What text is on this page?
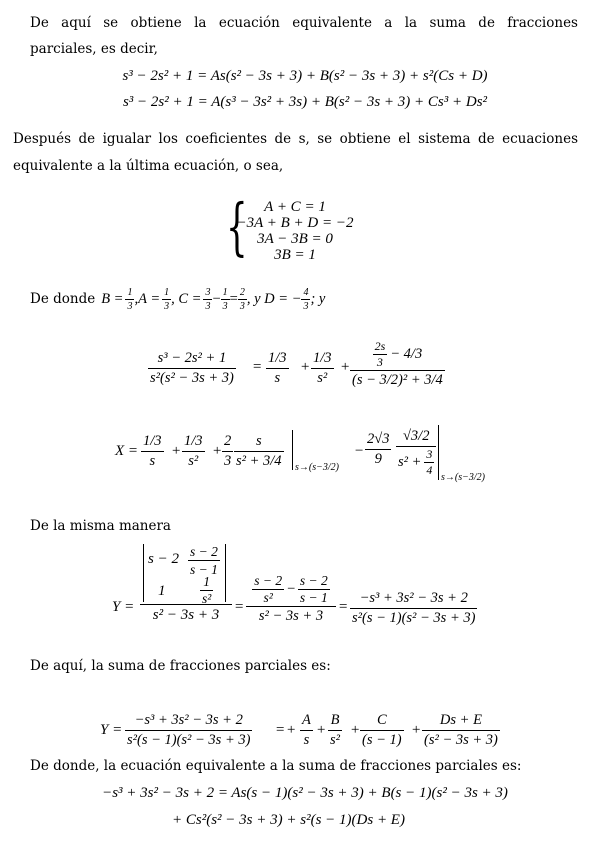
De aquí se obtiene la ecuación equivalente a la suma de fracciones
parciales, es decir,
s³ − 2s² + 1 = As(s² − 3s + 3) + B(s² − 3s + 3) + s²(Cs + D)
s³ − 2s² + 1 = A(s³ − 3s² + 3s) + B(s² − 3s + 3) + Cs³ + Ds²
Después de igualar los coeficientes de s, se obtiene el sistema de ecuaciones
equivalente a la última ecuación, o sea,
{	A + C = 1
−3A + B + D = −2
3A − 3B = 0
3B = 1
De donde $B = \frac{1}{3} ,A = \frac{1}{3}$ , $C = \frac{3}{3} - \frac{1}{3} = \frac{2}{3}$ , y D = − $\frac{4}{3}$ ; y
$\frac{\text{s³ − 2s² + 1}}{\text{s²(s² − 3s + 3)}} = \frac{1/3}{s} + \frac{1/3}{\text{s²}} + \frac{2s}{3} - 4/3$
(s − 3/2)² + 3/4
$X = \frac{1/3}{s} + \frac{1/3}{\text{s²}} + \frac{2}{3} \frac{s}{\text{s² + 3/4}} s\to(s-3/2)$
− $\frac{2√3}{9} √3/2$
$s^2 + \frac{3}{4}$
s→(s−3/2)
De la misma manera
Y =
$s - 2 \frac{s - 2}{s - 1}$
1	$\frac{1}{\text{s²}}$
s² − 3s + 3 =
$\frac{s - 2}{\text{s²}} - \frac{s - 2}{s - 1}$
s² − 3s + 3
= $\frac{\text{−s³ + 3s² − 3s + 2}}{\text{s²(s − 1)(s² − 3s + 3)}}$
De aquí, la suma de fracciones parciales es:
$Y = \frac{\text{−s³ + 3s² − 3s + 2}}{\text{s²(s − 1)(s² − 3s + 3)}}$ = + $\frac{A}{s} + \frac{B}{\text{s²}} + \frac{C}{(s - 1)} + \frac{Ds + E}{\text{(s² − 3s + 3)}}$
De donde, la ecuación equivalente a la suma de fracciones parciales es:
−s³ + 3s² − 3s + 2 = As(s − 1)(s² − 3s + 3) + B(s − 1)(s² − 3s + 3)
+ Cs²(s² − 3s + 3) + s²(s − 1)(Ds + E)
